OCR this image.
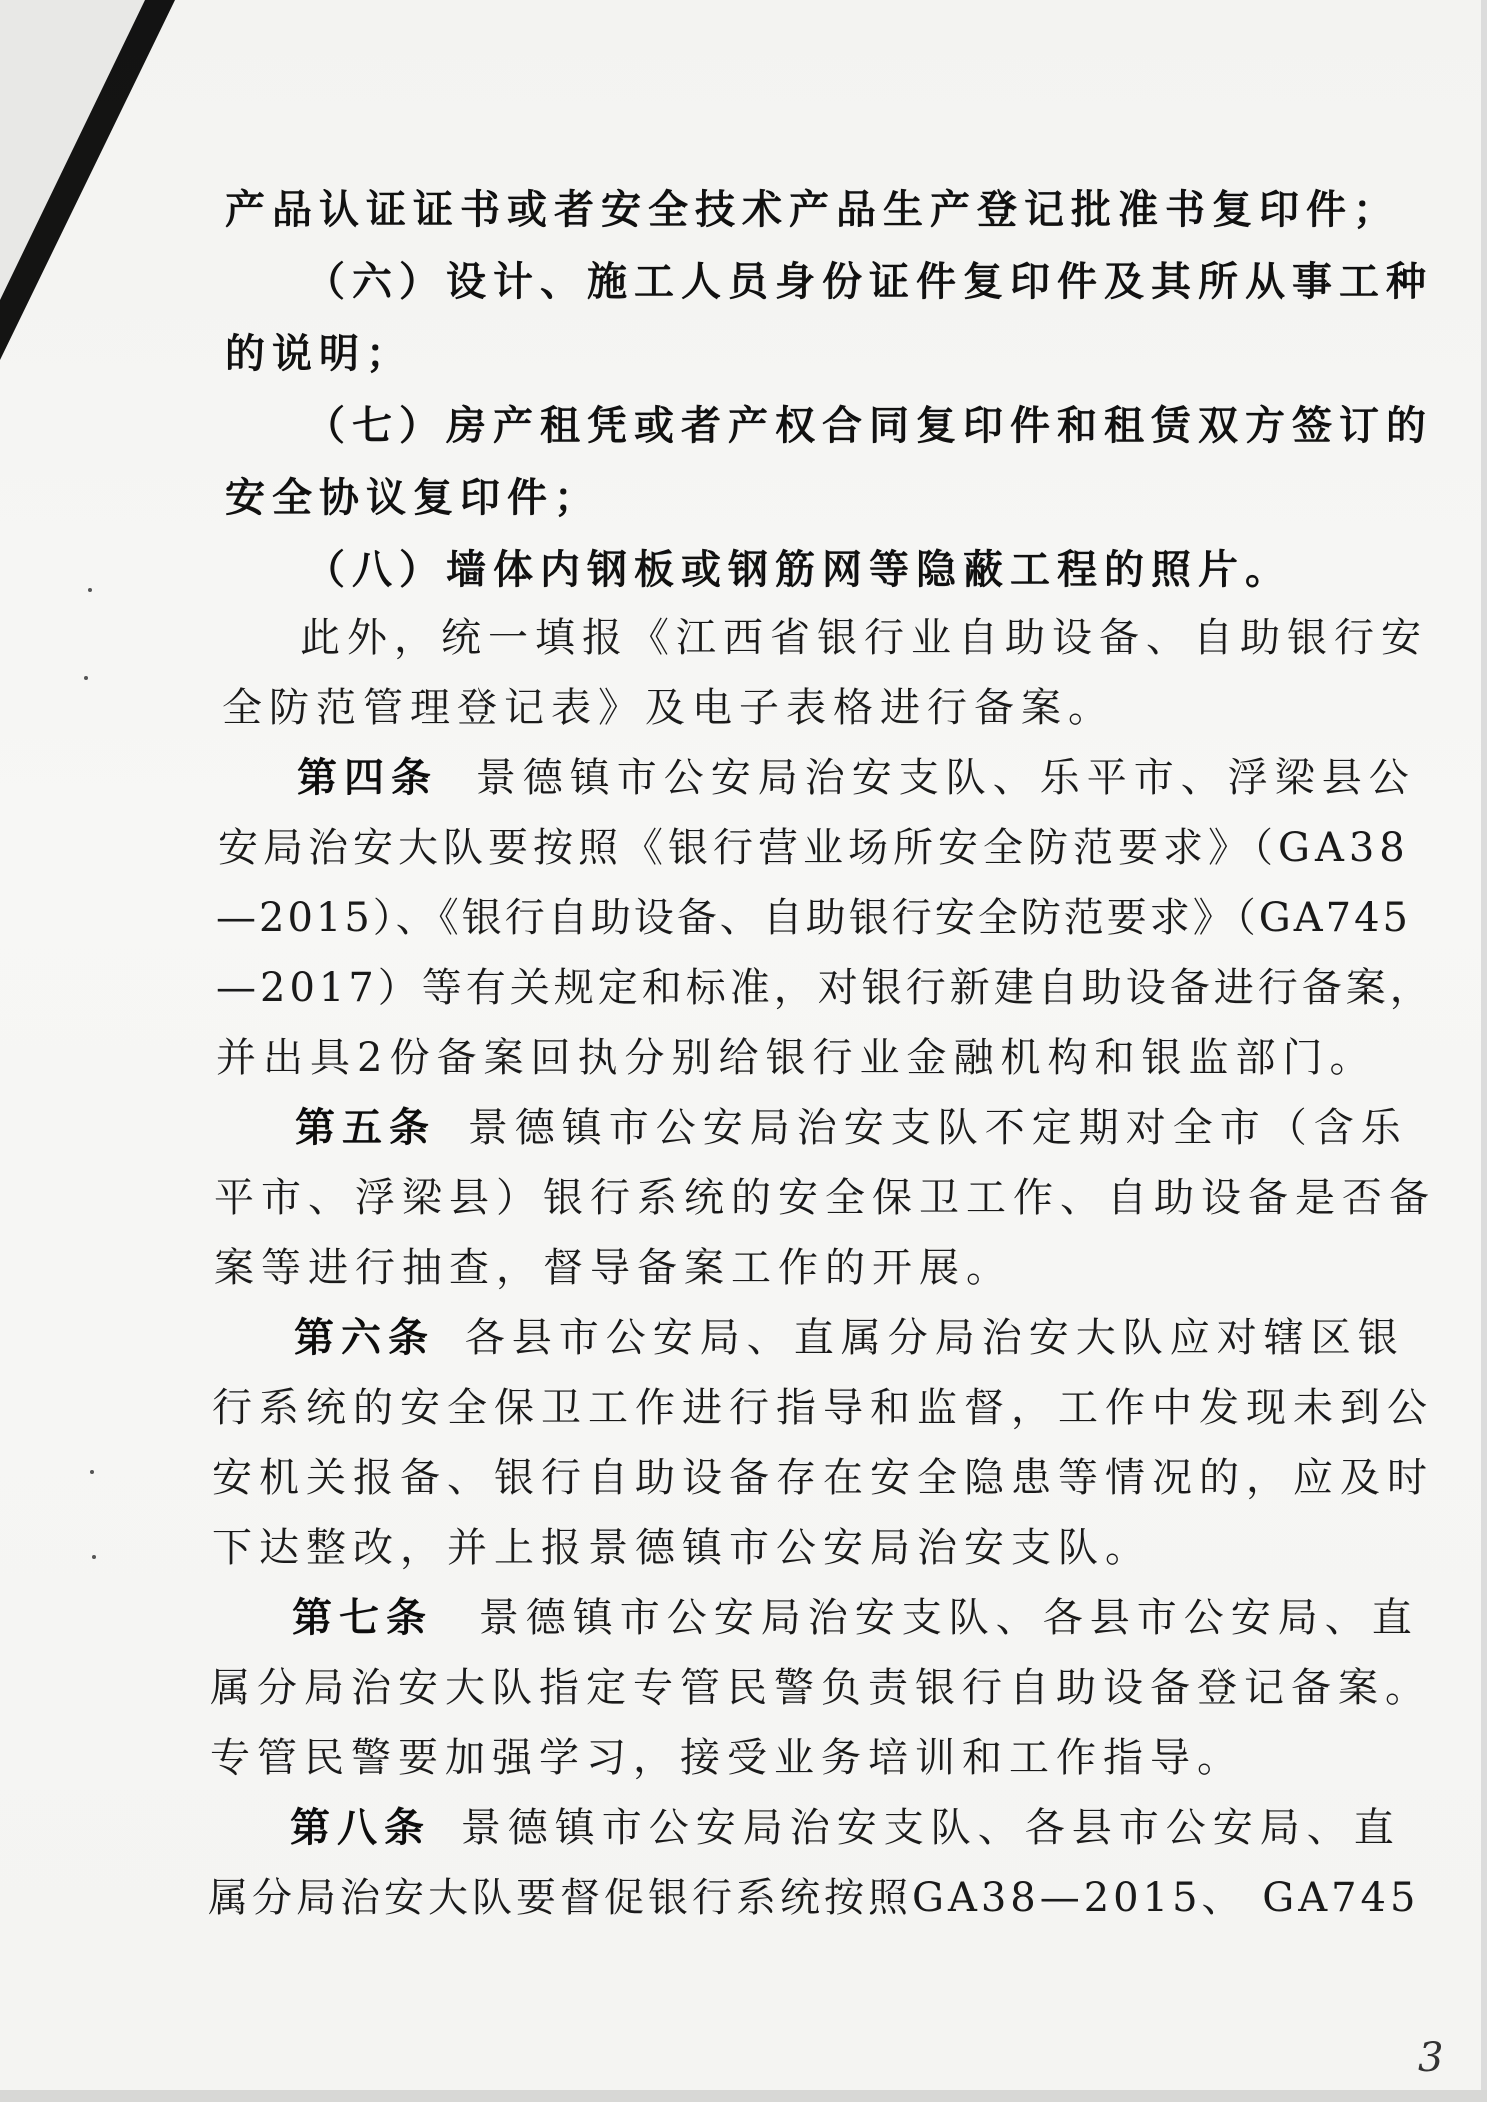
产品认证证书或者安全技术产品生产登记批准书复印件；
（六）设计、施工人员身份证件复印件及其所从事工种
的说明；
（七）房产租凭或者产权合同复印件和租赁双方签订的
安全协议复印件；
（八）墙体内钢板或钢筋网等隐蔽工程的照片。
此外，统一填报《江西省银行业自助设备、自助银行安
全防范管理登记表》及电子表格进行备案。
第四条 景德镇市公安局治安支队、乐平市、浮梁县公
安局治安大队要按照《银行营业场所安全防范要求》（GA38
—2015）、《银行自助设备、自助银行安全防范要求》（GA745
—2017）等有关规定和标准，对银行新建自助设备进行备案，
并出具2份备案回执分别给银行业金融机构和银监部门。
第五条 景德镇市公安局治安支队不定期对全市（含乐
平市、浮梁县）银行系统的安全保卫工作、自助设备是否备
案等进行抽查，督导备案工作的开展。
第六条 各县市公安局、直属分局治安大队应对辖区银
行系统的安全保卫工作进行指导和监督，工作中发现未到公
安机关报备、银行自助设备存在安全隐患等情况的，应及时
下达整改，并上报景德镇市公安局治安支队。
第七条 景德镇市公安局治安支队、各县市公安局、直
属分局治安大队指定专管民警负责银行自助设备登记备案。
专管民警要加强学习，接受业务培训和工作指导。
第八条 景德镇市公安局治安支队、各县市公安局、直
属分局治安大队要督促银行系统按照GA38—2015、 GA745
3
